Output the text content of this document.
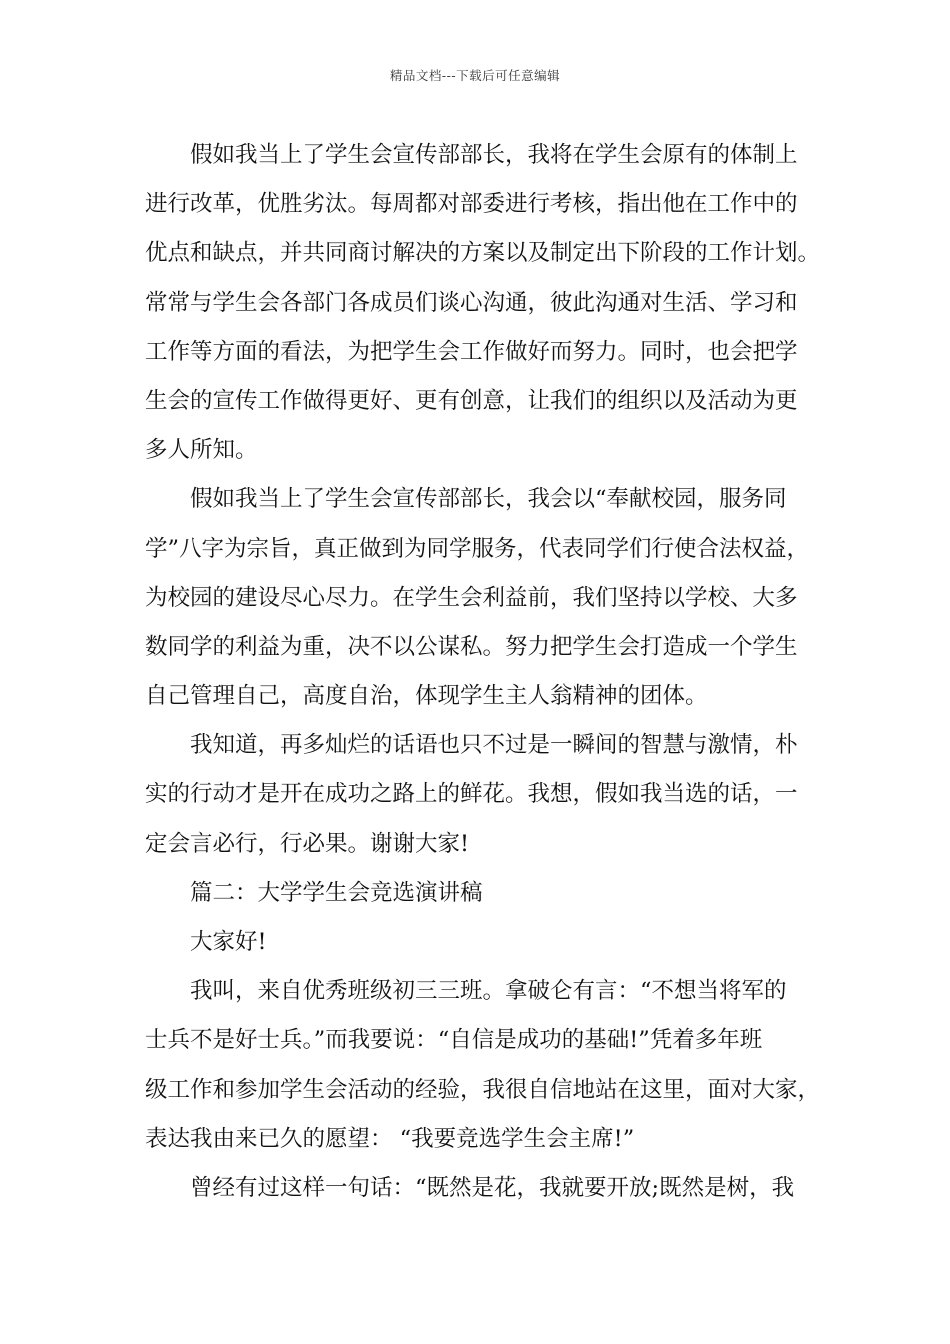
精品文档---下载后可任意编辑
假如我当上了学生会宣传部部长，我将在学生会原有的体制上
进行改革，优胜劣汰。每周都对部委进行考核，指出他在工作中的
优点和缺点，并共同商讨解决的方案以及制定出下阶段的工作计划。
常常与学生会各部门各成员们谈心沟通，彼此沟通对生活、学习和
工作等方面的看法，为把学生会工作做好而努力。同时，也会把学
生会的宣传工作做得更好、更有创意，让我们的组织以及活动为更
多人所知。
假如我当上了学生会宣传部部长，我会以“奉献校园，服务同
学”八字为宗旨，真正做到为同学服务，代表同学们行使合法权益，
为校园的建设尽心尽力。在学生会利益前，我们坚持以学校、大多
数同学的利益为重，决不以公谋私。努力把学生会打造成一个学生
自己管理自己，高度自治，体现学生主人翁精神的团体。
我知道，再多灿烂的话语也只不过是一瞬间的智慧与激情，朴
实的行动才是开在成功之路上的鲜花。我想，假如我当选的话，一
定会言必行，行必果。谢谢大家!
篇二：大学学生会竞选演讲稿
大家好!
我叫，来自优秀班级初三三班。拿破仑有言：“不想当将军的
士兵不是好士兵。”而我要说：“自信是成功的基础!”凭着多年班
级工作和参加学生会活动的经验，我很自信地站在这里，面对大家，
表达我由来已久的愿望： “我要竞选学生会主席!”
曾经有过这样一句话：“既然是花，我就要开放;既然是树，我
